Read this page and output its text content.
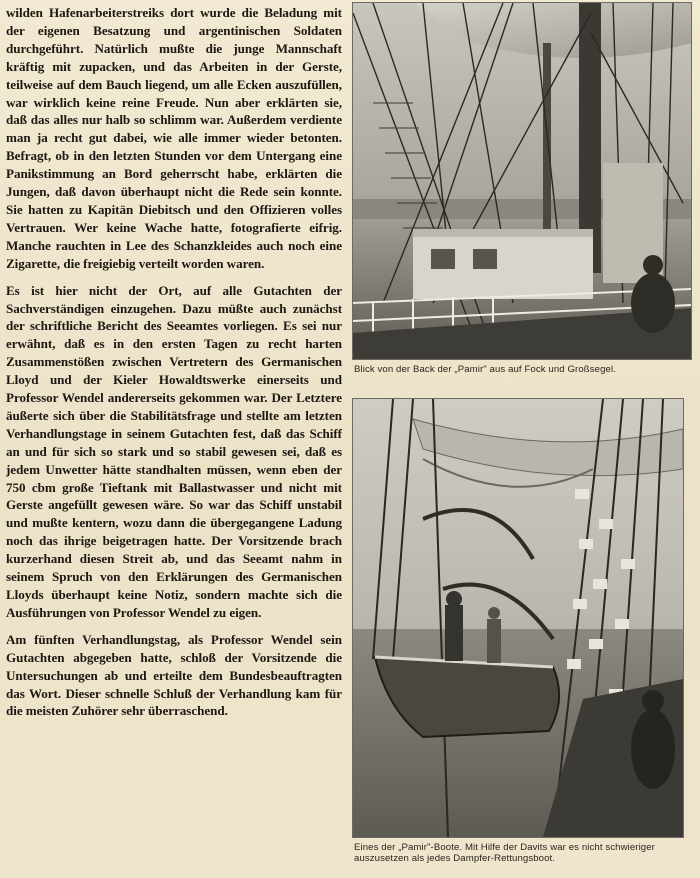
wilden Hafenarbeiterstreiks dort wurde die Beladung mit der eigenen Besatzung und argentinischen Soldaten durchgeführt. Natürlich mußte die junge Mannschaft kräftig mit zupacken, und das Arbeiten in der Gerste, teilweise auf dem Bauch liegend, um alle Ecken auszufüllen, war wirklich keine reine Freude. Nun aber erklärten sie, daß das alles nur halb so schlimm war. Außerdem verdiente man ja recht gut dabei, wie alle immer wieder betonten. Befragt, ob in den letzten Stunden vor dem Untergang eine Panikstimmung an Bord geherrscht habe, erklärten die Jungen, daß davon überhaupt nicht die Rede sein konnte. Sie hatten zu Kapitän Diebitsch und den Offizieren volles Vertrauen. Wer keine Wache hatte, fotografierte eifrig. Manche rauchten in Lee des Schanzkleides auch noch eine Zigarette, die freigiebig verteilt worden waren.

Es ist hier nicht der Ort, auf alle Gutachten der Sachverständigen einzugehen. Dazu müßte auch zunächst der schriftliche Bericht des Seeamtes vorliegen. Es sei nur erwähnt, daß es in den ersten Tagen zu recht harten Zusammenstößen zwischen Vertretern des Germanischen Lloyd und der Kieler Howaldtswerke einerseits und Professor Wendel andererseits gekommen war. Der Letztere äußerte sich über die Stabilitätsfrage und stellte am letzten Verhandlungstage in seinem Gutachten fest, daß das Schiff an und für sich so stark und so stabil gewesen sei, daß es jedem Unwetter hätte standhalten müssen, wenn eben der 750 cbm große Tieftank mit Ballastwasser und nicht mit Gerste angefüllt gewesen wäre. So war das Schiff unstabil und mußte kentern, wozu dann die übergegangene Ladung noch das ihrige beigetragen hatte. Der Vorsitzende brach kurzerhand diesen Streit ab, und das Seeamt nahm in seinem Spruch von den Erklärungen des Germanischen Lloyds überhaupt keine Notiz, sondern machte sich die Ausführungen von Professor Wendel zu eigen.

Am fünften Verhandlungstag, als Professor Wendel sein Gutachten abgegeben hatte, schloß der Vorsitzende die Untersuchungen ab und erteilte dem Bundesbeauftragten das Wort. Dieser schnelle Schluß der Verhandlung kam für die meisten Zuhörer sehr überraschend.

Blick von der Back der „Pamir" aus auf Fock und Großsegel.
Eines der „Pamir"-Boote. Mit Hilfe der Davits war es nicht schwieriger auszusetzen als jedes Dampfer-Rettungsboot.
